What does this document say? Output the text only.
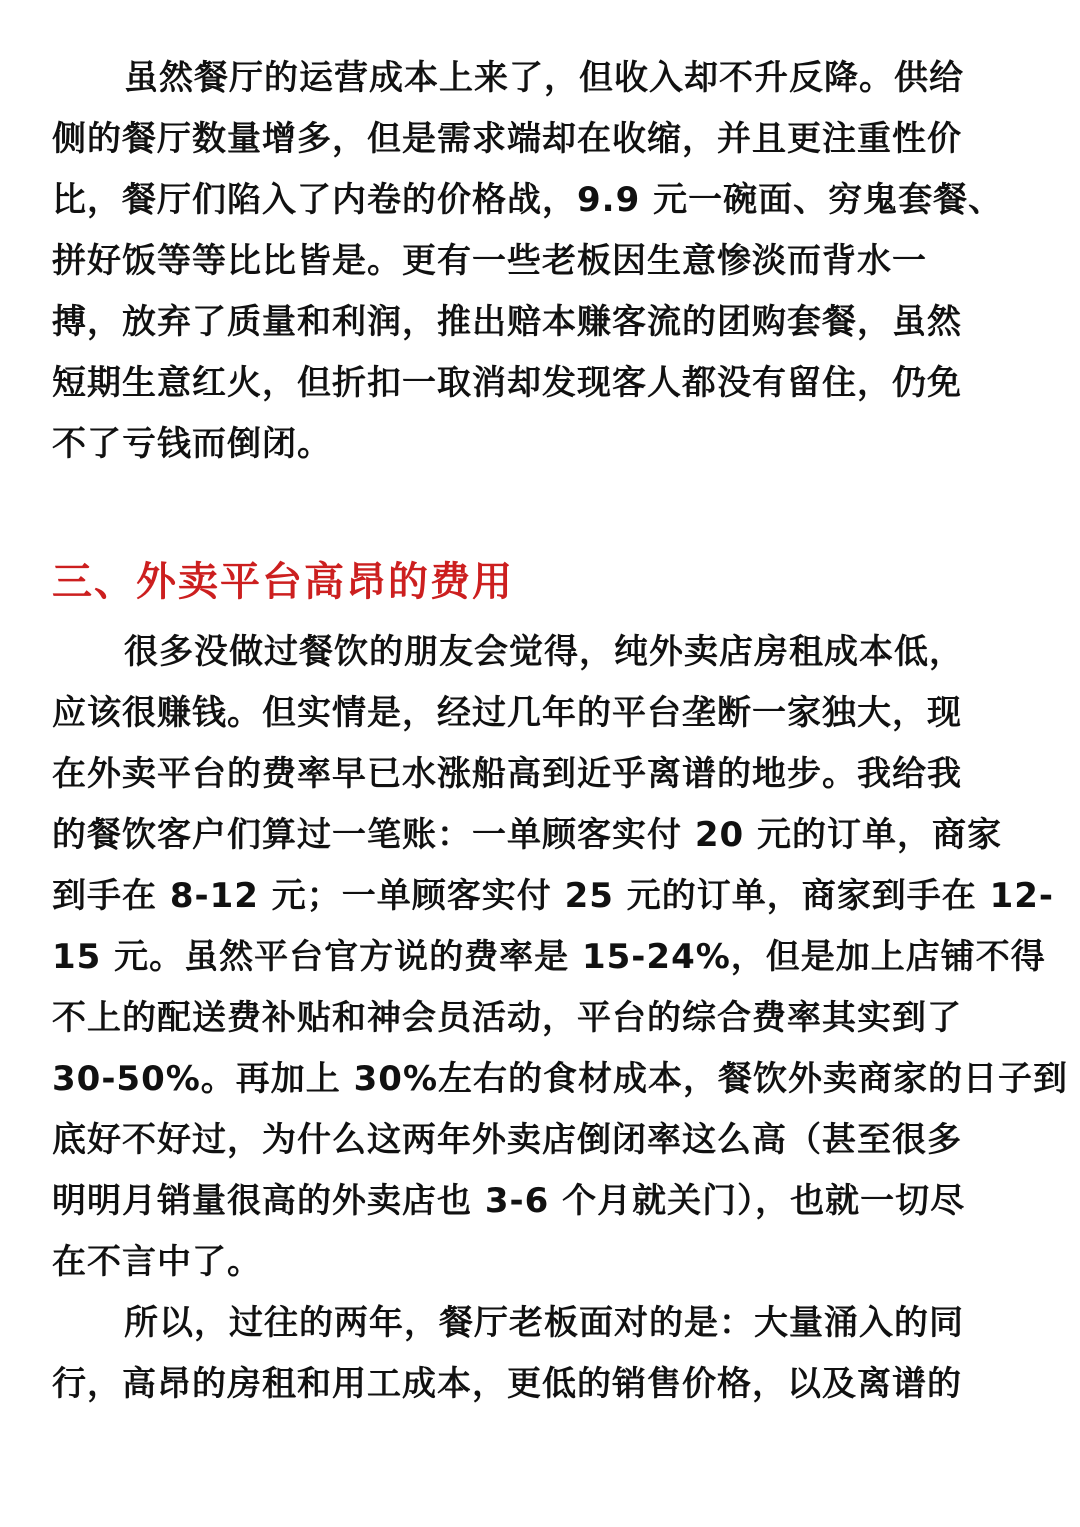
虽然餐厅的运营成本上来了，但收入却不升反降。供给
侧的餐厅数量增多，但是需求端却在收缩，并且更注重性价
比，餐厅们陷入了内卷的价格战，9.9 元一碗面、穷鬼套餐、
拼好饭等等比比皆是。更有一些老板因生意惨淡而背水一
搏，放弃了质量和利润，推出赔本赚客流的团购套餐，虽然
短期生意红火，但折扣一取消却发现客人都没有留住，仍免
不了亏钱而倒闭。
三、外卖平台高昂的费用
很多没做过餐饮的朋友会觉得，纯外卖店房租成本低，
应该很赚钱。但实情是，经过几年的平台垄断一家独大，现
在外卖平台的费率早已水涨船高到近乎离谱的地步。我给我
的餐饮客户们算过一笔账：一单顾客实付 20 元的订单，商家
到手在 8-12 元；一单顾客实付 25 元的订单，商家到手在 12-
15 元。虽然平台官方说的费率是 15-24%，但是加上店铺不得
不上的配送费补贴和神会员活动，平台的综合费率其实到了
30-50%。再加上 30%左右的食材成本，餐饮外卖商家的日子到
底好不好过，为什么这两年外卖店倒闭率这么高（甚至很多
明明月销量很高的外卖店也 3-6 个月就关门），也就一切尽
在不言中了。
所以，过往的两年，餐厅老板面对的是：大量涌入的同
行，高昂的房租和用工成本，更低的销售价格，以及离谱的
